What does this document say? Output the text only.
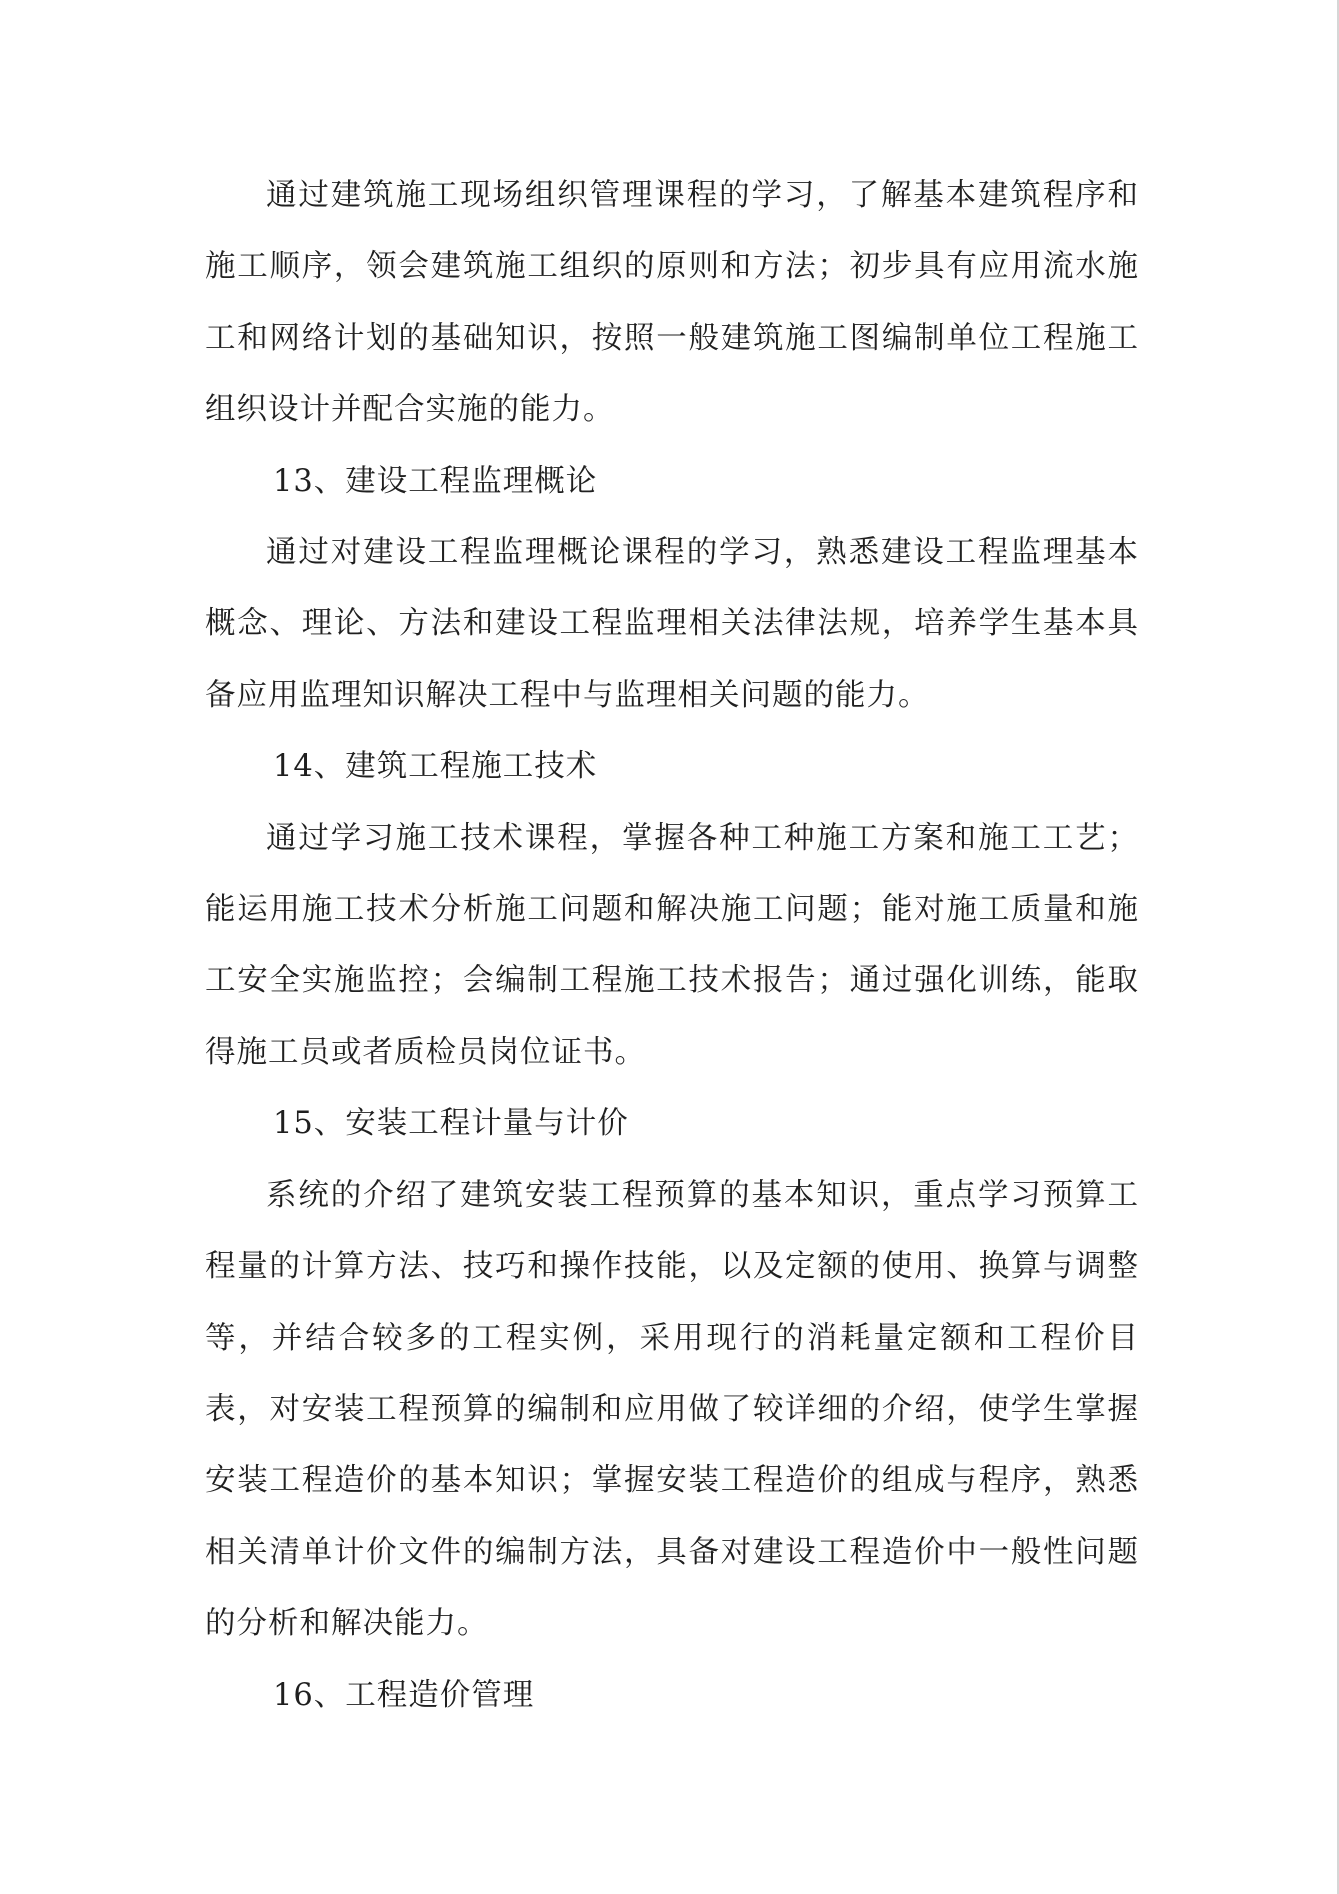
通过建筑施工现场组织管理课程的学习，了解基本建筑程序和施工顺序，领会建筑施工组织的原则和方法；初步具有应用流水施工和网络计划的基础知识，按照一般建筑施工图编制单位工程施工组织设计并配合实施的能力。

13、建设工程监理概论

通过对建设工程监理概论课程的学习，熟悉建设工程监理基本概念、理论、方法和建设工程监理相关法律法规，培养学生基本具备应用监理知识解决工程中与监理相关问题的能力。

14、建筑工程施工技术

通过学习施工技术课程，掌握各种工种施工方案和施工工艺；能运用施工技术分析施工问题和解决施工问题；能对施工质量和施工安全实施监控；会编制工程施工技术报告；通过强化训练，能取得施工员或者质检员岗位证书。

15、安装工程计量与计价

系统的介绍了建筑安装工程预算的基本知识，重点学习预算工程量的计算方法、技巧和操作技能，以及定额的使用、换算与调整等，并结合较多的工程实例，采用现行的消耗量定额和工程价目表，对安装工程预算的编制和应用做了较详细的介绍，使学生掌握安装工程造价的基本知识；掌握安装工程造价的组成与程序，熟悉相关清单计价文件的编制方法，具备对建设工程造价中一般性问题的分析和解决能力。

16、工程造价管理
